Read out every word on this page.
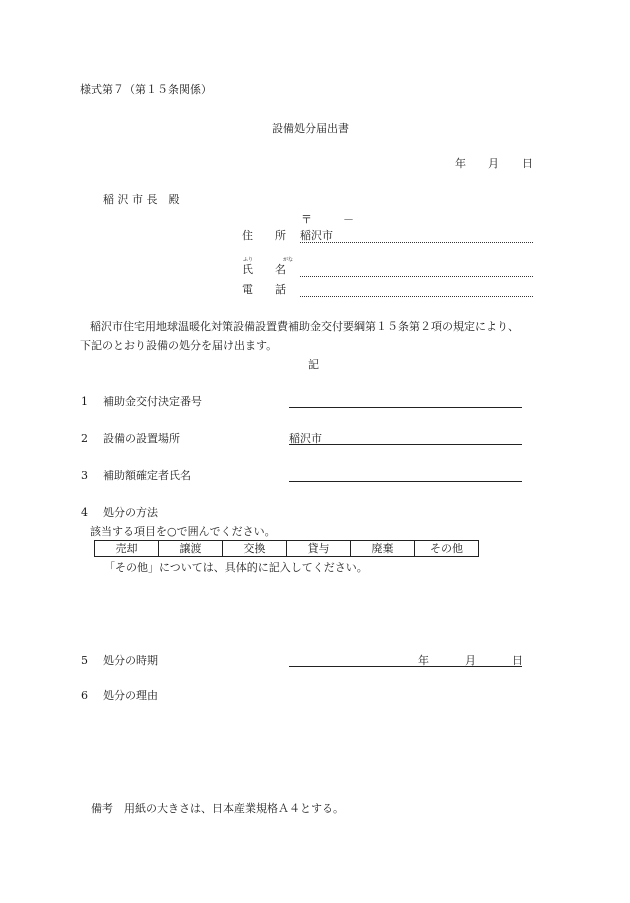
様式第７（第１５条関係）
設備処分届出書
年 月 日
稲 沢 市 長　殿
〒	－
住　　所 稲沢市
ふり	がな
氏　　名
電　　話
稲沢市住宅用地球温暖化対策設備設置費補助金交付要綱第１５条第２項の規定により、
下記のとおり設備の処分を届け出ます。
記
1 補助金交付決定番号
2 設備の設置場所	稲沢市
3 補助額確定者氏名
4 処分の方法
該当する項目を○で囲んでください。
売却	譲渡	交換	貸与	廃棄	その他
「その他」については、具体的に記入してください。
5 処分の時期	年	月	日
6 処分の理由
備考　用紙の大きさは、日本産業規格Ａ４とする。
